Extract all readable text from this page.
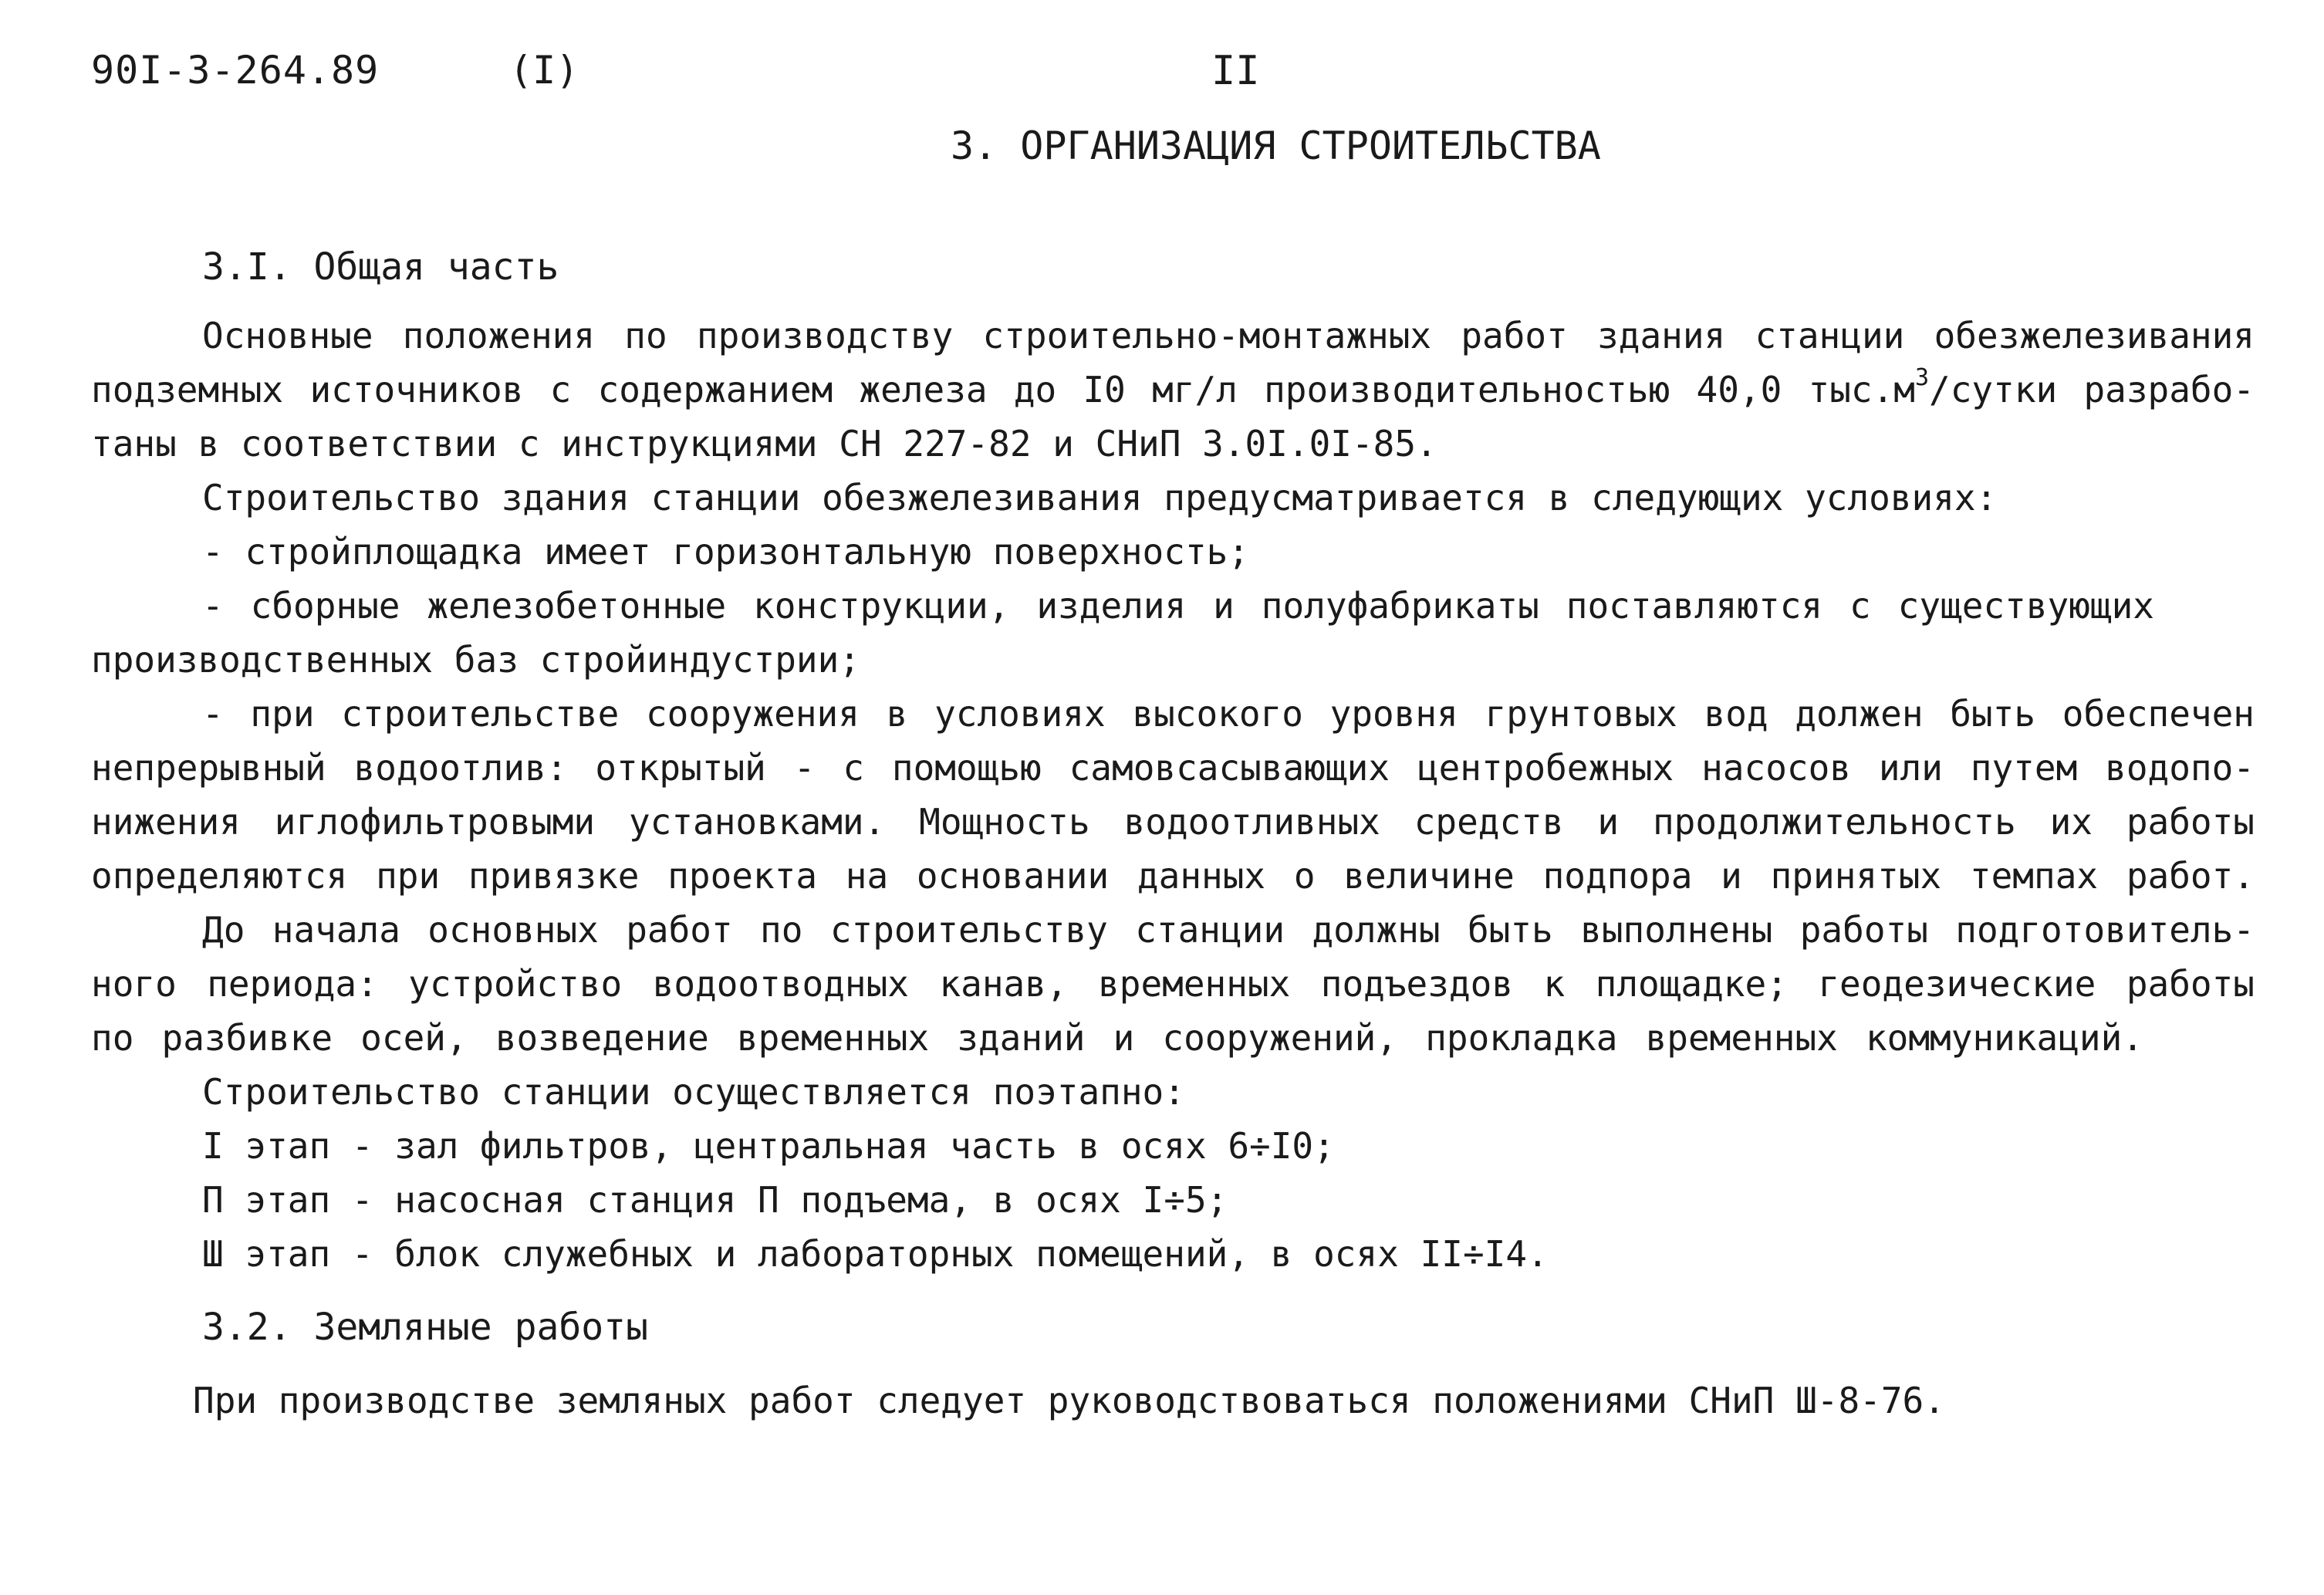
90I-3-264.89	(I)	II
3. ОРГАНИЗАЦИЯ СТРОИТЕЛЬСТВА
3.I. Общая часть
Основные положения по производству строительно-монтажных работ здания станции обезжелезивания
подземных источников с содержанием железа до I0 мг/л производительностью 40,0 $тыс.м^3$/сутки разрабо-
таны в соответствии с инструкциями СН 227-82 и СНиП 3.0I.0I-85.
Строительство здания станции обезжелезивания предусматривается в следующих условиях:
- стройплощадка имеет горизонтальную поверхность;
- сборные железобетонные конструкции, изделия и полуфабрикаты поставляются с существующих
производственных баз стройиндустрии;
- при строительстве сооружения в условиях высокого уровня грунтовых вод должен быть обеспечен
непрерывный водоотлив: открытый - с помощью самовсасывающих центробежных насосов или путем водопо-
нижения иглофильтровыми установками. Мощность водоотливных средств и продолжительность их работы
определяются при привязке проекта на основании данных о величине подпора и принятых темпах работ.
До начала основных работ по строительству станции должны быть выполнены работы подготовитель-
ного периода: устройство водоотводных канав, временных подъездов к площадке; геодезические работы
по разбивке осей, возведение временных зданий и сооружений, прокладка временных коммуникаций.
Строительство станции осуществляется поэтапно:
I этап - зал фильтров, центральная часть в осях 6÷I0;
П этап - насосная станция П подъема, в осях I÷5;
Ш этап - блок служебных и лабораторных помещений, в осях II÷I4.
3.2. Земляные работы
При производстве земляных работ следует руководствоваться положениями СНиП Ш-8-76.
